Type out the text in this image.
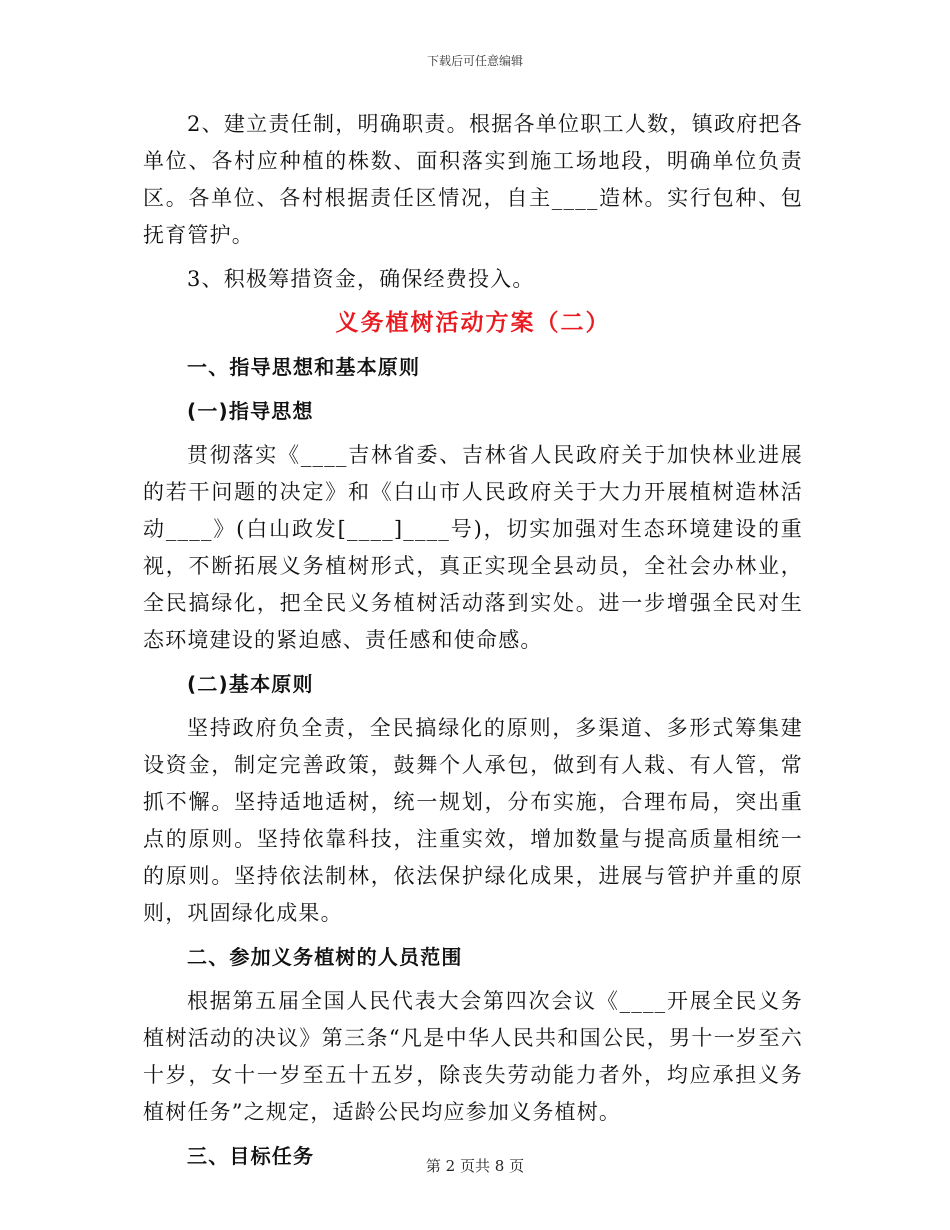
下载后可任意编辑

2、建立责任制，明确职责。根据各单位职工人数，镇政府把各单位、各村应种植的株数、面积落实到施工场地段，明确单位负责区。各单位、各村根据责任区情况，自主____造林。实行包种、包抚育管护。

3、积极筹措资金，确保经费投入。

义务植树活动方案（二）

一、指导思想和基本原则

(一)指导思想

贯彻落实《____吉林省委、吉林省人民政府关于加快林业进展的若干问题的决定》和《白山市人民政府关于大力开展植树造林活动____》(白山政发[____]____号)，切实加强对生态环境建设的重视，不断拓展义务植树形式，真正实现全县动员，全社会办林业，全民搞绿化，把全民义务植树活动落到实处。进一步增强全民对生态环境建设的紧迫感、责任感和使命感。

(二)基本原则

坚持政府负全责，全民搞绿化的原则，多渠道、多形式筹集建设资金，制定完善政策，鼓舞个人承包，做到有人栽、有人管，常抓不懈。坚持适地适树，统一规划，分布实施，合理布局，突出重点的原则。坚持依靠科技，注重实效，增加数量与提高质量相统一的原则。坚持依法制林，依法保护绿化成果，进展与管护并重的原则，巩固绿化成果。

二、参加义务植树的人员范围

根据第五届全国人民代表大会第四次会议《____开展全民义务植树活动的决议》第三条“凡是中华人民共和国公民，男十一岁至六十岁，女十一岁至五十五岁，除丧失劳动能力者外，均应承担义务植树任务”之规定，适龄公民均应参加义务植树。

三、目标任务	第 2 页共 8 页
